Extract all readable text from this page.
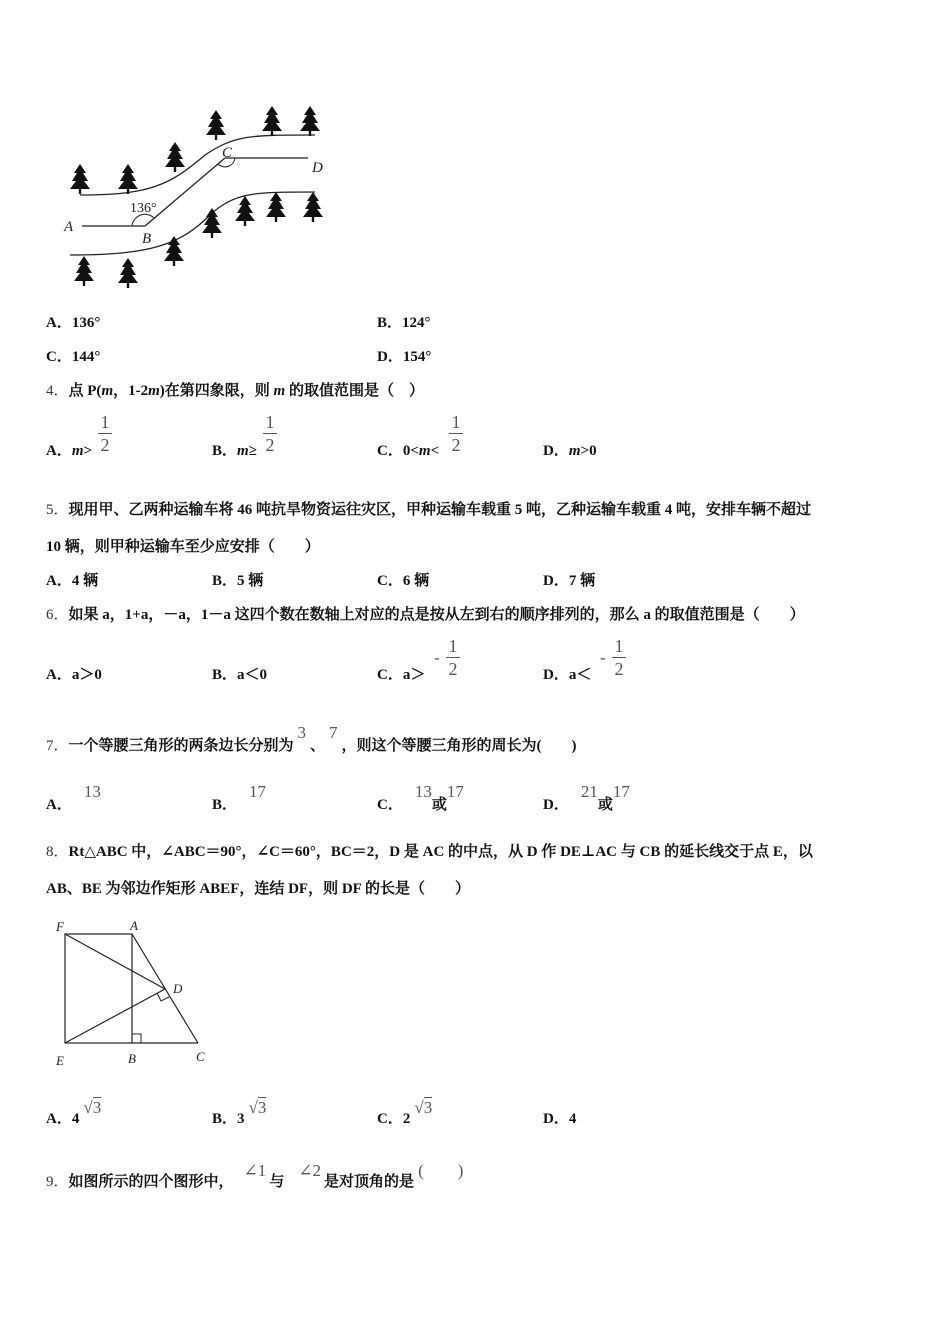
A
B
C
D
136°
A．136°	B．124°
C．144°	D．154°
4．点 P(m，1-2m)在第四象限，则 m 的取值范围是（　）
A．m>
1
2	B．m≥
1
2	C．0<m<
1
2	D．m>0
5．现用甲、乙两种运输车将 46 吨抗旱物资运往灾区，甲种运输车载重 5 吨，乙种运输车载重 4 吨，安排车辆不超过
10 辆，则甲种运输车至少应安排（　　）
A．4 辆	B．5 辆	C．6 辆	D．7 辆
6．如果 a，1+a，－a，1－a 这四个数在数轴上对应的点是按从左到右的顺序排列的，那么 a 的取值范围是（　　）
A．a＞0	B．a＜0	C．a＞
-
1
2	D．a＜
-
1
2
7．一个等腰三角形的两条边长分别为3、7，则这个等腰三角形的周长为(　　)
A．13
B．17
C．13或17
D．21或17
8．Rt△ABC 中，∠ABC＝90°，∠C＝60°，BC＝2，D 是 AC 的中点，从 D 作 DE⊥AC 与 CB 的延长线交于点 E，以
AB、BE 为邻边作矩形 ABEF，连结 DF，则 DF 的长是（　　）
F	A
D
E	B	C
A．4√3
B．3√3
C．2√3
D．4
9．如图所示的四个图形中，∠1与∠2是对顶角的是(　　)
